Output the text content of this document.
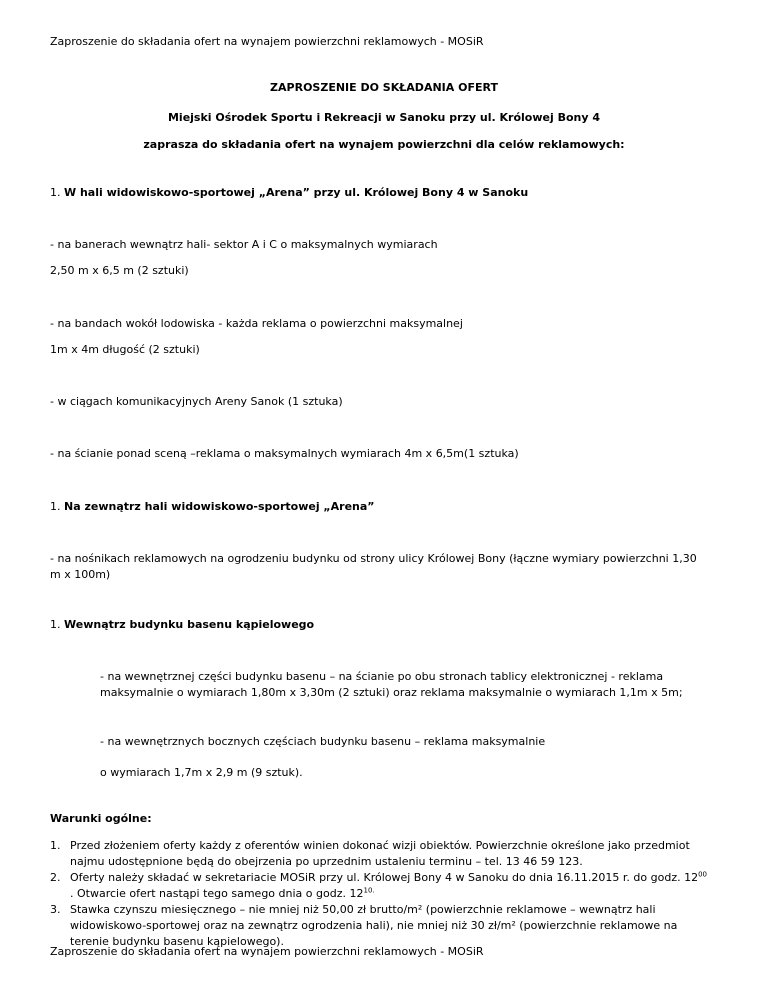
Zaproszenie do składania ofert na wynajem powierzchni reklamowych - MOSiR

ZAPROSZENIE DO SKŁADANIA OFERT

Miejski Ośrodek Sportu i Rekreacji w Sanoku przy ul. Królowej Bony 4

zaprasza do składania ofert na wynajem powierzchni dla celów reklamowych:

1. W hali widowiskowo-sportowej „Arena” przy ul. Królowej Bony 4 w Sanoku

- na banerach wewnątrz hali- sektor A i C o maksymalnych wymiarach

2,50 m x 6,5 m (2 sztuki)

- na bandach wokół lodowiska - każda reklama o powierzchni maksymalnej

1m x 4m długość (2 sztuki)

- w ciągach komunikacyjnych Areny Sanok (1 sztuka)

- na ścianie ponad sceną –reklama o maksymalnych wymiarach 4m x 6,5m(1 sztuka)

1. Na zewnątrz hali widowiskowo-sportowej „Arena”

- na nośnikach reklamowych na ogrodzeniu budynku od strony ulicy Królowej Bony (łączne wymiary powierzchni 1,30 m x 100m)

1. Wewnątrz budynku basenu kąpielowego

- na wewnętrznej części budynku basenu – na ścianie po obu stronach tablicy elektronicznej - reklama maksymalnie o wymiarach 1,80m x 3,30m (2 sztuki) oraz reklama maksymalnie o wymiarach 1,1m x 5m;

- na wewnętrznych bocznych częściach budynku basenu – reklama maksymalnie

o wymiarach 1,7m x 2,9 m (9 sztuk).

Warunki ogólne:

1. Przed złożeniem oferty każdy z oferentów winien dokonać wizji obiektów. Powierzchnie określone jako przedmiot najmu udostępnione będą do obejrzenia po uprzednim ustaleniu terminu – tel. 13 46 59 123.
2. Oferty należy składać w sekretariacie MOSiR przy ul. Królowej Bony 4 w Sanoku do dnia 16.11.2015 r. do godz. $12^{00}$ . Otwarcie ofert nastąpi tego samego dnia o godz. $12^{10.}$
3. Stawka czynszu miesięcznego – nie mniej niż 50,00 zł brutto/m² (powierzchnie reklamowe – wewnątrz hali widowiskowo-sportowej oraz na zewnątrz ogrodzenia hali), nie mniej niż 30 zł/m² (powierzchnie reklamowe na terenie budynku basenu kąpielowego).

Zaproszenie do składania ofert na wynajem powierzchni reklamowych - MOSiR
